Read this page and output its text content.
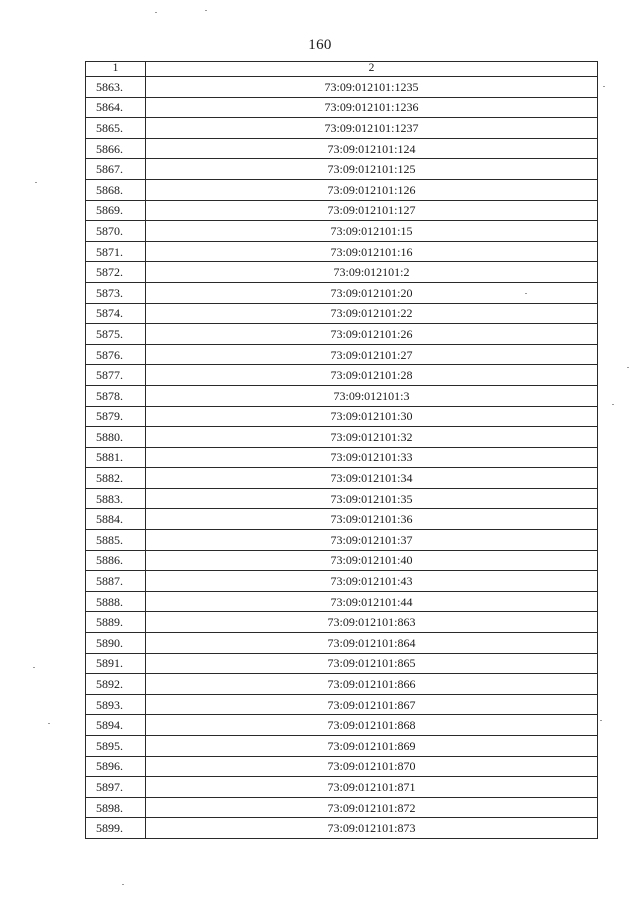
160
1	2
5863.	73:09:012101:1235
5864.	73:09:012101:1236
5865.	73:09:012101:1237
5866.	73:09:012101:124
5867.	73:09:012101:125
5868.	73:09:012101:126
5869.	73:09:012101:127
5870.	73:09:012101:15
5871.	73:09:012101:16
5872.	73:09:012101:2
5873.	73:09:012101:20
5874.	73:09:012101:22
5875.	73:09:012101:26
5876.	73:09:012101:27
5877.	73:09:012101:28
5878.	73:09:012101:3
5879.	73:09:012101:30
5880.	73:09:012101:32
5881.	73:09:012101:33
5882.	73:09:012101:34
5883.	73:09:012101:35
5884.	73:09:012101:36
5885.	73:09:012101:37
5886.	73:09:012101:40
5887.	73:09:012101:43
5888.	73:09:012101:44
5889.	73:09:012101:863
5890.	73:09:012101:864
5891.	73:09:012101:865
5892.	73:09:012101:866
5893.	73:09:012101:867
5894.	73:09:012101:868
5895.	73:09:012101:869
5896.	73:09:012101:870
5897.	73:09:012101:871
5898.	73:09:012101:872
5899.	73:09:012101:873
